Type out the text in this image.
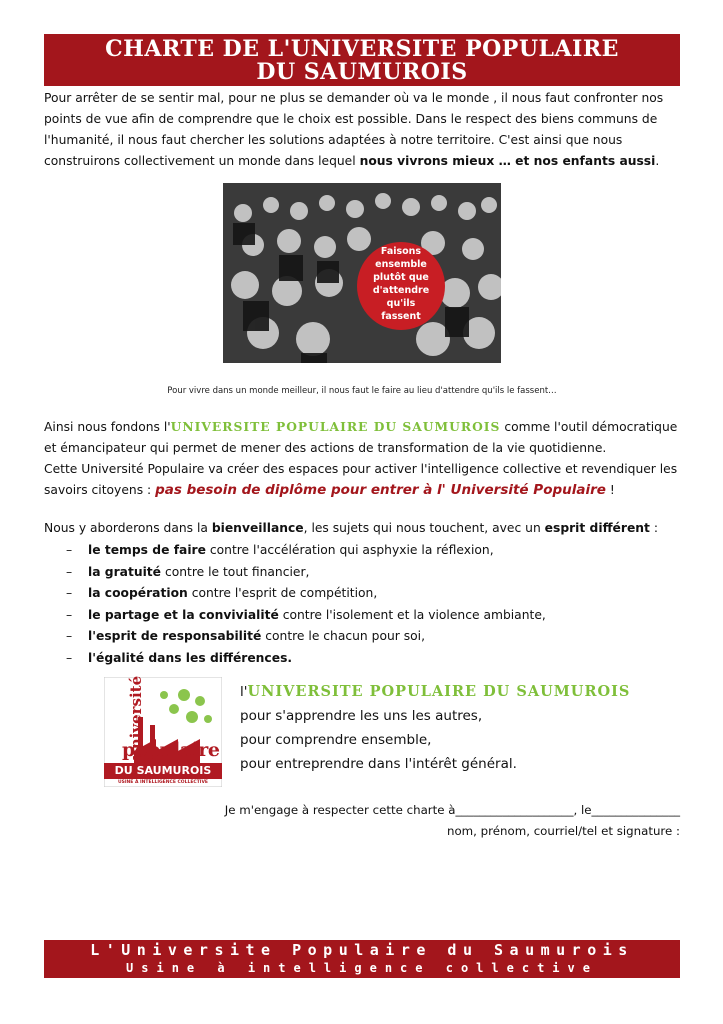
CHARTE DE L'UNIVERSITE POPULAIRE
DU SAUMUROIS
Pour arrêter de se sentir mal, pour ne plus se demander où va le monde , il nous faut confronter nos points de vue afin de comprendre que le choix est possible. Dans le respect des biens communs de l'humanité, il nous faut chercher les solutions adaptées à notre territoire. C'est ainsi que nous construirons collectivement un monde dans lequel nous vivrons mieux … et nos enfants aussi.
Faisons
ensemble
plutôt que
d'attendre
qu'ils
fassent
Pour vivre dans un monde meilleur, il nous faut le faire au lieu d'attendre qu'ils le fassent…
Ainsi nous fondons l'UNIVERSITE POPULAIRE DU SAUMUROIS comme l'outil démocratique et émancipateur qui permet de mener des actions de transformation de la vie quotidienne.
Cette Université Populaire va créer des espaces pour activer l'intelligence collective et revendiquer les savoirs citoyens : pas besoin de diplôme pour entrer à l' Université Populaire !
Nous y aborderons dans la bienveillance, les sujets qui nous touchent, avec un esprit différent :
– le temps de faire contre l'accélération qui asphyxie la réflexion,
– la gratuité contre le tout financier,
– la coopération contre l'esprit de compétition,
– le partage et la convivialité contre l'isolement et la violence ambiante,
– l'esprit de responsabilité contre le chacun pour soi,
– l'égalité dans les différences.
université
populaire
DU SAUMUROIS
USINE À INTELLIGENCE COLLECTIVE
l'UNIVERSITE POPULAIRE DU SAUMUROIS
pour s'apprendre les uns les autres,
pour comprendre ensemble,
pour entreprendre dans l'intérêt général.
Je m'engage à respecter cette charte à____________________, le_______________
nom, prénom, courriel/tel et signature :
L'Universite Populaire du Saumurois
Usine à intelligence collective
